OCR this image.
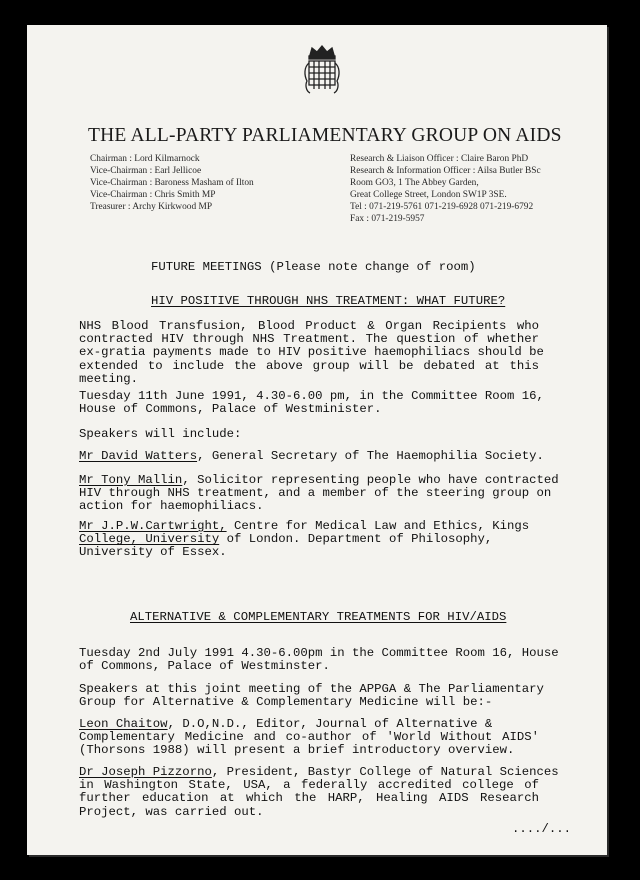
THE ALL-PARTY PARLIAMENTARY GROUP ON AIDS
Chairman : Lord Kilmarnock
Vice-Chairman : Earl Jellicoe
Vice-Chairman : Baroness Masham of Ilton
Vice-Chairman : Chris Smith MP
Treasurer : Archy Kirkwood MP
Research & Liaison Officer : Claire Baron PhD
Research & Information Officer : Ailsa Butler BSc
Room GO3, 1 The Abbey Garden,
Great College Street, London SW1P 3SE.
Tel : 071-219-5761 071-219-6928 071-219-6792
Fax : 071-219-5957
FUTURE MEETINGS (Please note change of room)
HIV POSITIVE THROUGH NHS TREATMENT: WHAT FUTURE?
NHS Blood Transfusion, Blood Product & Organ Recipients who
contracted HIV through NHS Treatment. The question of whether
ex-gratia payments made to HIV positive haemophiliacs should be
extended to include the above group will be debated at this
meeting.
Tuesday 11th June 1991, 4.30-6.00 pm, in the Committee Room 16,
House of Commons, Palace of Westminister.
Speakers will include:
Mr David Watters, General Secretary of The Haemophilia Society.
Mr Tony Mallin, Solicitor representing people who have contracted
HIV through NHS treatment, and a member of the steering group on
action for haemophiliacs.
Mr J.P.W.Cartwright, Centre for Medical Law and Ethics, Kings
College, University of London. Department of Philosophy,
University of Essex.
ALTERNATIVE & COMPLEMENTARY TREATMENTS FOR HIV/AIDS
Tuesday 2nd July 1991 4.30-6.00pm in the Committee Room 16, House
of Commons, Palace of Westminster.
Speakers at this joint meeting of the APPGA & The Parliamentary
Group for Alternative & Complementary Medicine will be:-
Leon Chaitow, D.O,N.D., Editor, Journal of Alternative &
Complementary Medicine and co-author of 'World Without AIDS'
(Thorsons 1988) will present a brief introductory overview.
Dr Joseph Pizzorno, President, Bastyr College of Natural Sciences
in Washington State, USA, a federally accredited college of
further education at which the HARP, Healing AIDS Research
Project, was carried out.
..../...
